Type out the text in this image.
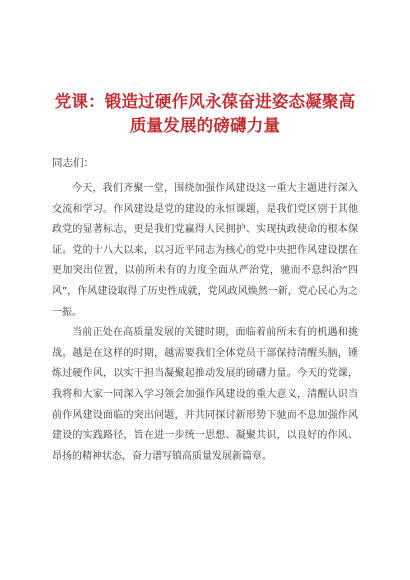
党课：锻造过硬作风永葆奋进姿态凝聚高
质量发展的磅礴力量
同志们：

今天，我们齐聚一堂，围绕加强作风建设这一重大主题进行深入交流和学习。作风建设是党的建设的永恒课题，是我们党区别于其他政党的显著标志，更是我们党赢得人民拥护、实现执政使命的根本保证。党的十八大以来，以习近平同志为核心的党中央把作风建设摆在更加突出位置，以前所未有的力度全面从严治党，驰而不息纠治“四风”，作风建设取得了历史性成就，党风政风焕然一新，党心民心为之一振。

当前正处在高质量发展的关键时期，面临着前所未有的机遇和挑战。越是在这样的时期，越需要我们全体党员干部保持清醒头脑，锤炼过硬作风，以实干担当凝聚起推动发展的磅礴力量。今天的党课，我将和大家一同深入学习领会加强作风建设的重大意义，清醒认识当前作风建设面临的突出问题，并共同探讨新形势下驰而不息加强作风建设的实践路径，旨在进一步统一思想、凝聚共识，以良好的作风、昂扬的精神状态，奋力谱写镇高质量发展新篇章。
